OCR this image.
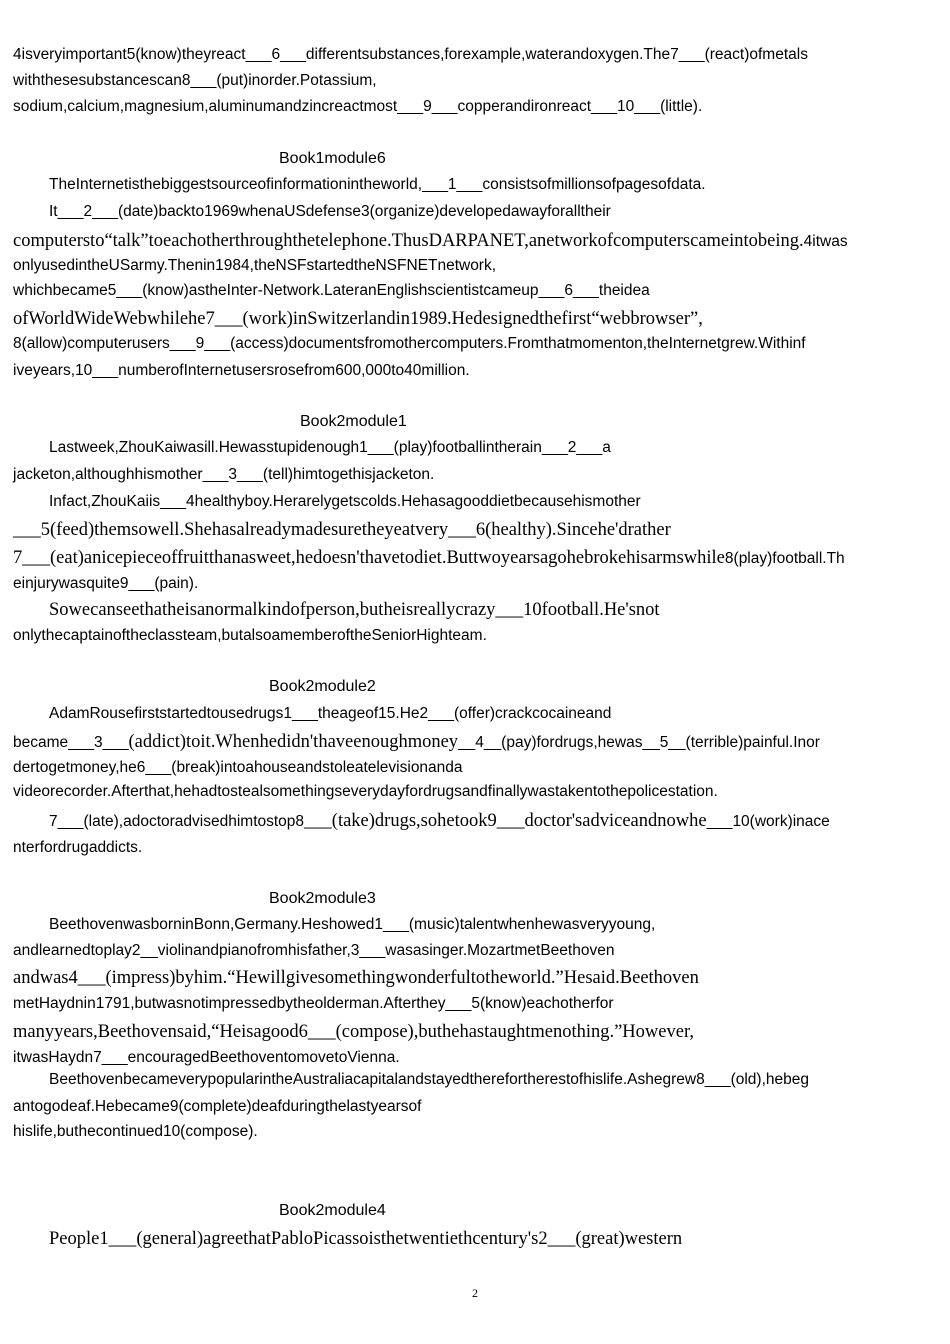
4isveryimportant5(know)theyreact___6___differentsubstances,forexample,waterandoxygen.The7___(react)ofmetals
withthesesubstancescan8___(put)inorder.Potassium,
sodium,calcium,magnesium,aluminumandzincreactmost___9___copperandironreact___10___(little).
Book1module6
TheInternetisthebiggestsourceofinformationintheworld,___1___consistsofmillionsofpagesofdata.
It___2___(date)backto1969whenaUSdefense3(organize)developedawayforalltheir
computersto“talk”toeachotherthroughthetelephone.ThusDARPANET,anetworkofcomputerscameintobeing.4itwas
onlyusedintheUSarmy.Thenin1984,theNSFstartedtheNSFNETnetwork,
whichbecame5___(know)astheInter-Network.LateranEnglishscientistcameup___6___theidea
ofWorldWideWebwhilehe7___(work)inSwitzerlandin1989.Hedesignedthefirst“webbrowser”,
8(allow)computerusers___9___(access)documentsfromothercomputers.Fromthatmomenton,theInternetgrew.Withinf
iveyears,10___numberofInternetusersrosefrom600,000to40million.
Book2module1
Lastweek,ZhouKaiwasill.Hewasstupidenough1___(play)footballintherain___2___a
jacketon,althoughhismother___3___(tell)himtogethisjacketon.
Infact,ZhouKaiis___4healthyboy.Herarelygetscolds.Hehasagooddietbecausehismother
___5(feed)themsowell.Shehasalreadymadesuretheyeatvery___6(healthy).Sincehe'drather
7___(eat)anicepieceoffruitthanasweet,hedoesn'thavetodiet.Buttwoyearsagohebrokehisarmswhile8(play)football.Th
einjurywasquite9___(pain).
Sowecanseethatheisanormalkindofperson,butheisreallycrazy___10football.He'snot
onlythecaptainoftheclassteam,butalsoamemberoftheSeniorHighteam.
Book2module2
AdamRousefirststartedtousedrugs1___theageof15.He2___(offer)crackcocaineand
became___3___(addict)toit.Whenhedidn'thaveenoughmoney__4__(pay)fordrugs,hewas__5__(terrible)painful.Inor
dertogetmoney,he6___(break)intoahouseandstoleatelevisionanda
videorecorder.Afterthat,hehadtostealsomethingseverydayfordrugsandfinallywastakentothepolicestation.
7___(late),adoctoradvisedhimtostop8___(take)drugs,sohetook9___doctor'sadviceandnowhe___10(work)inace
nterfordrugaddicts.
Book2module3
BeethovenwasborninBonn,Germany.Heshowed1___(music)talentwhenhewasveryyoung,
andlearnedtoplay2__violinandpianofromhisfather,3___wasasinger.MozartmetBeethoven
andwas4___(impress)byhim.“Hewillgivesomethingwonderfultotheworld.”Hesaid.Beethoven
metHaydnin1791,butwasnotimpressedbytheolderman.Afterthey___5(know)eachotherfor
manyyears,Beethovensaid,“Heisagood6___(compose),buthehastaughtmenothing.”However,
itwasHaydn7___encouragedBeethoventomovetoVienna.
BeethovenbecameverypopularintheAustraliacapitalandstayedtherefortherestofhislife.Ashegrew8___(old),hebeg
antogodeaf.Hebecame9(complete)deafduringthelastyearsof
hislife,buthecontinued10(compose).
Book2module4
People1___(general)agreethatPabloPicassoisthetwentiethcentury's2___(great)western
2
